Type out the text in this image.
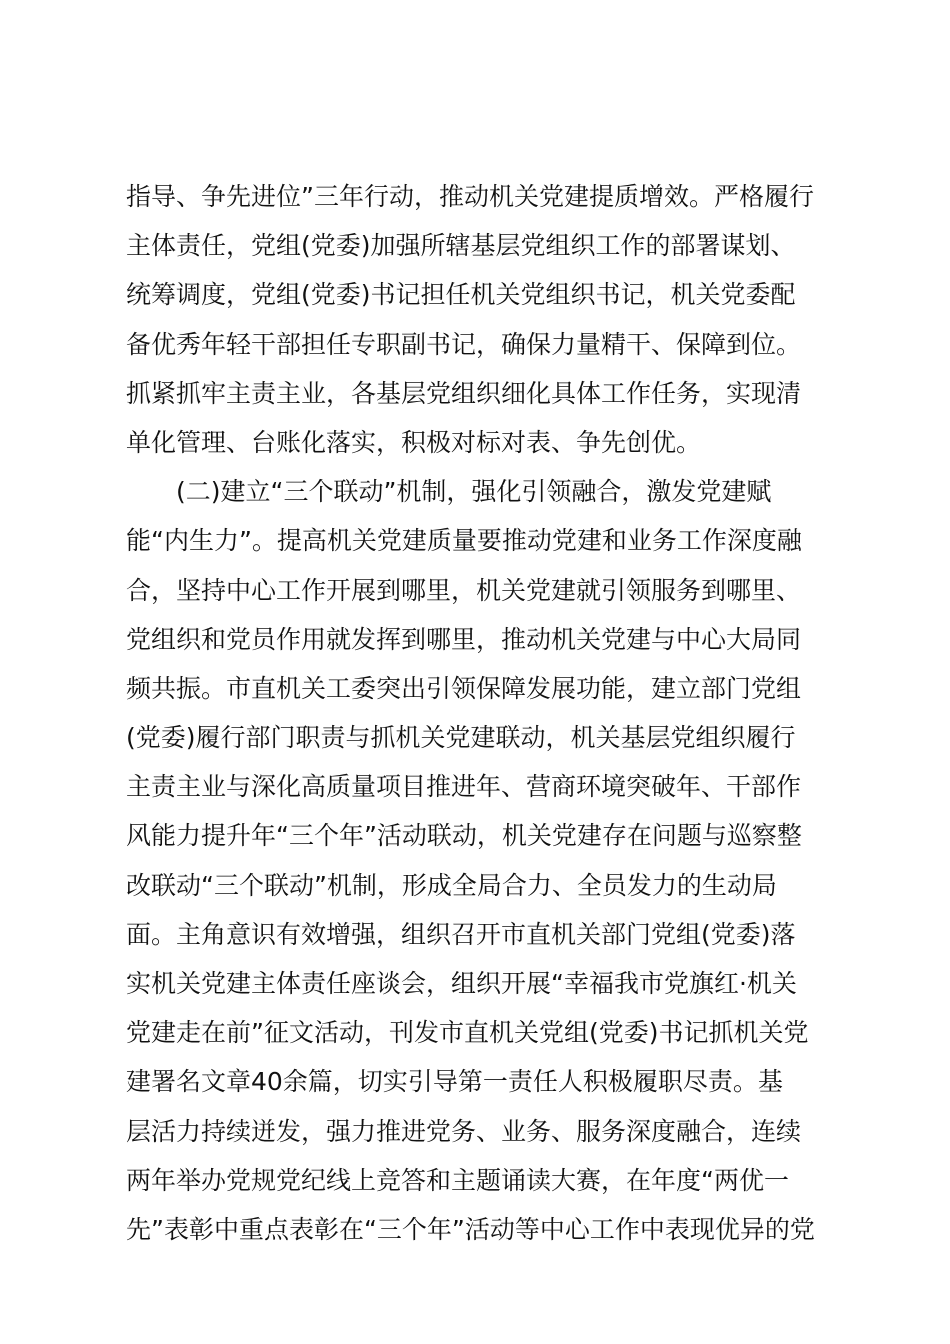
指导、争先进位”三年行动，推动机关党建提质增效。严格履行
主体责任，党组(党委)加强所辖基层党组织工作的部署谋划、
统筹调度，党组(党委)书记担任机关党组织书记，机关党委配
备优秀年轻干部担任专职副书记，确保力量精干、保障到位。
抓紧抓牢主责主业，各基层党组织细化具体工作任务，实现清
单化管理、台账化落实，积极对标对表、争先创优。
(二)建立“三个联动”机制，强化引领融合，激发党建赋
能“内生力”。提高机关党建质量要推动党建和业务工作深度融
合，坚持中心工作开展到哪里，机关党建就引领服务到哪里、
党组织和党员作用就发挥到哪里，推动机关党建与中心大局同
频共振。市直机关工委突出引领保障发展功能，建立部门党组
(党委)履行部门职责与抓机关党建联动，机关基层党组织履行
主责主业与深化高质量项目推进年、营商环境突破年、干部作
风能力提升年“三个年”活动联动，机关党建存在问题与巡察整
改联动“三个联动”机制，形成全局合力、全员发力的生动局
面。主角意识有效增强，组织召开市直机关部门党组(党委)落
实机关党建主体责任座谈会，组织开展“幸福我市党旗红·机关
党建走在前”征文活动，刊发市直机关党组(党委)书记抓机关党
建署名文章40余篇，切实引导第一责任人积极履职尽责。基
层活力持续迸发，强力推进党务、业务、服务深度融合，连续
两年举办党规党纪线上竞答和主题诵读大赛，在年度“两优一
先”表彰中重点表彰在“三个年”活动等中心工作中表现优异的党
